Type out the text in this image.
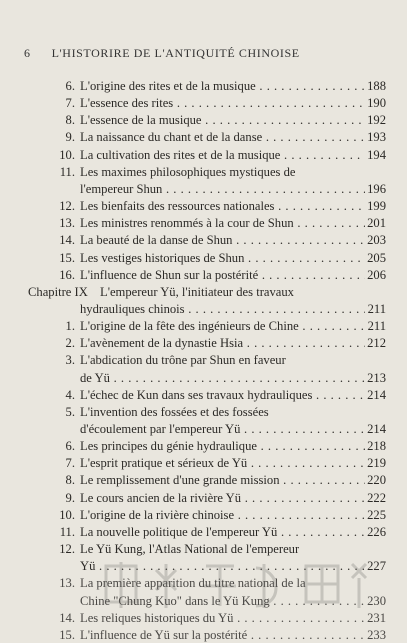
6 L'HISTORIRE DE L'ANTIQUITÉ CHINOISE
6. L'origine des rites et de la musique . . .	188
7. L'essence des rites . . .	190
8. L'essence de la musique . . .	192
9. La naissance du chant et de la danse . . .	193
10. La cultivation des rites et de la musique . . .	194
11. Les maximes philosophiques mystiques de
l'empereur Shun . . .	196
12. Les bienfaits des ressources nationales . . .	199
13. Les ministres renommés à la cour de Shun . . .	201
14. La beauté de la danse de Shun . . .	203
15. Les vestiges historiques de Shun . . .	205
16. L'influence de Shun sur la postérité . . .	206
Chapitre IX L'empereur Yü, l'initiateur des travaux
hydrauliques chinois . . .	211
1. L'origine de la fête des ingénieurs de Chine . . .	211
2. L'avènement de la dynastie Hsia . . .	212
3. L'abdication du trône par Shun en faveur
de Yü . . .	213
4. L'échec de Kun dans ses travaux hydrauliques . . .	214
5. L'invention des fossées et des fossées
d'écoulement par l'empereur Yü . . .	214
6. Les principes du génie hydraulique . . .	218
7. L'esprit pratique et sérieux de Yü . . .	219
8. Le remplissement d'une grande mission . . .	220
9. Le cours ancien de la rivière Yü . . .	222
10. L'origine de la rivière chinoise . . .	225
11. La nouvelle politique de l'empereur Yü . . .	226
12. Le Yü Kung, l'Atlas National de l'empereur
Yü . . .	227
13. La première apparition du titre national de la
Chine "Chung Kuo" dans le Yü Kung . . .	230
14. Les reliques historiques du Yü . . .	231
15. L'influence de Yü sur la postérité . . .	233
